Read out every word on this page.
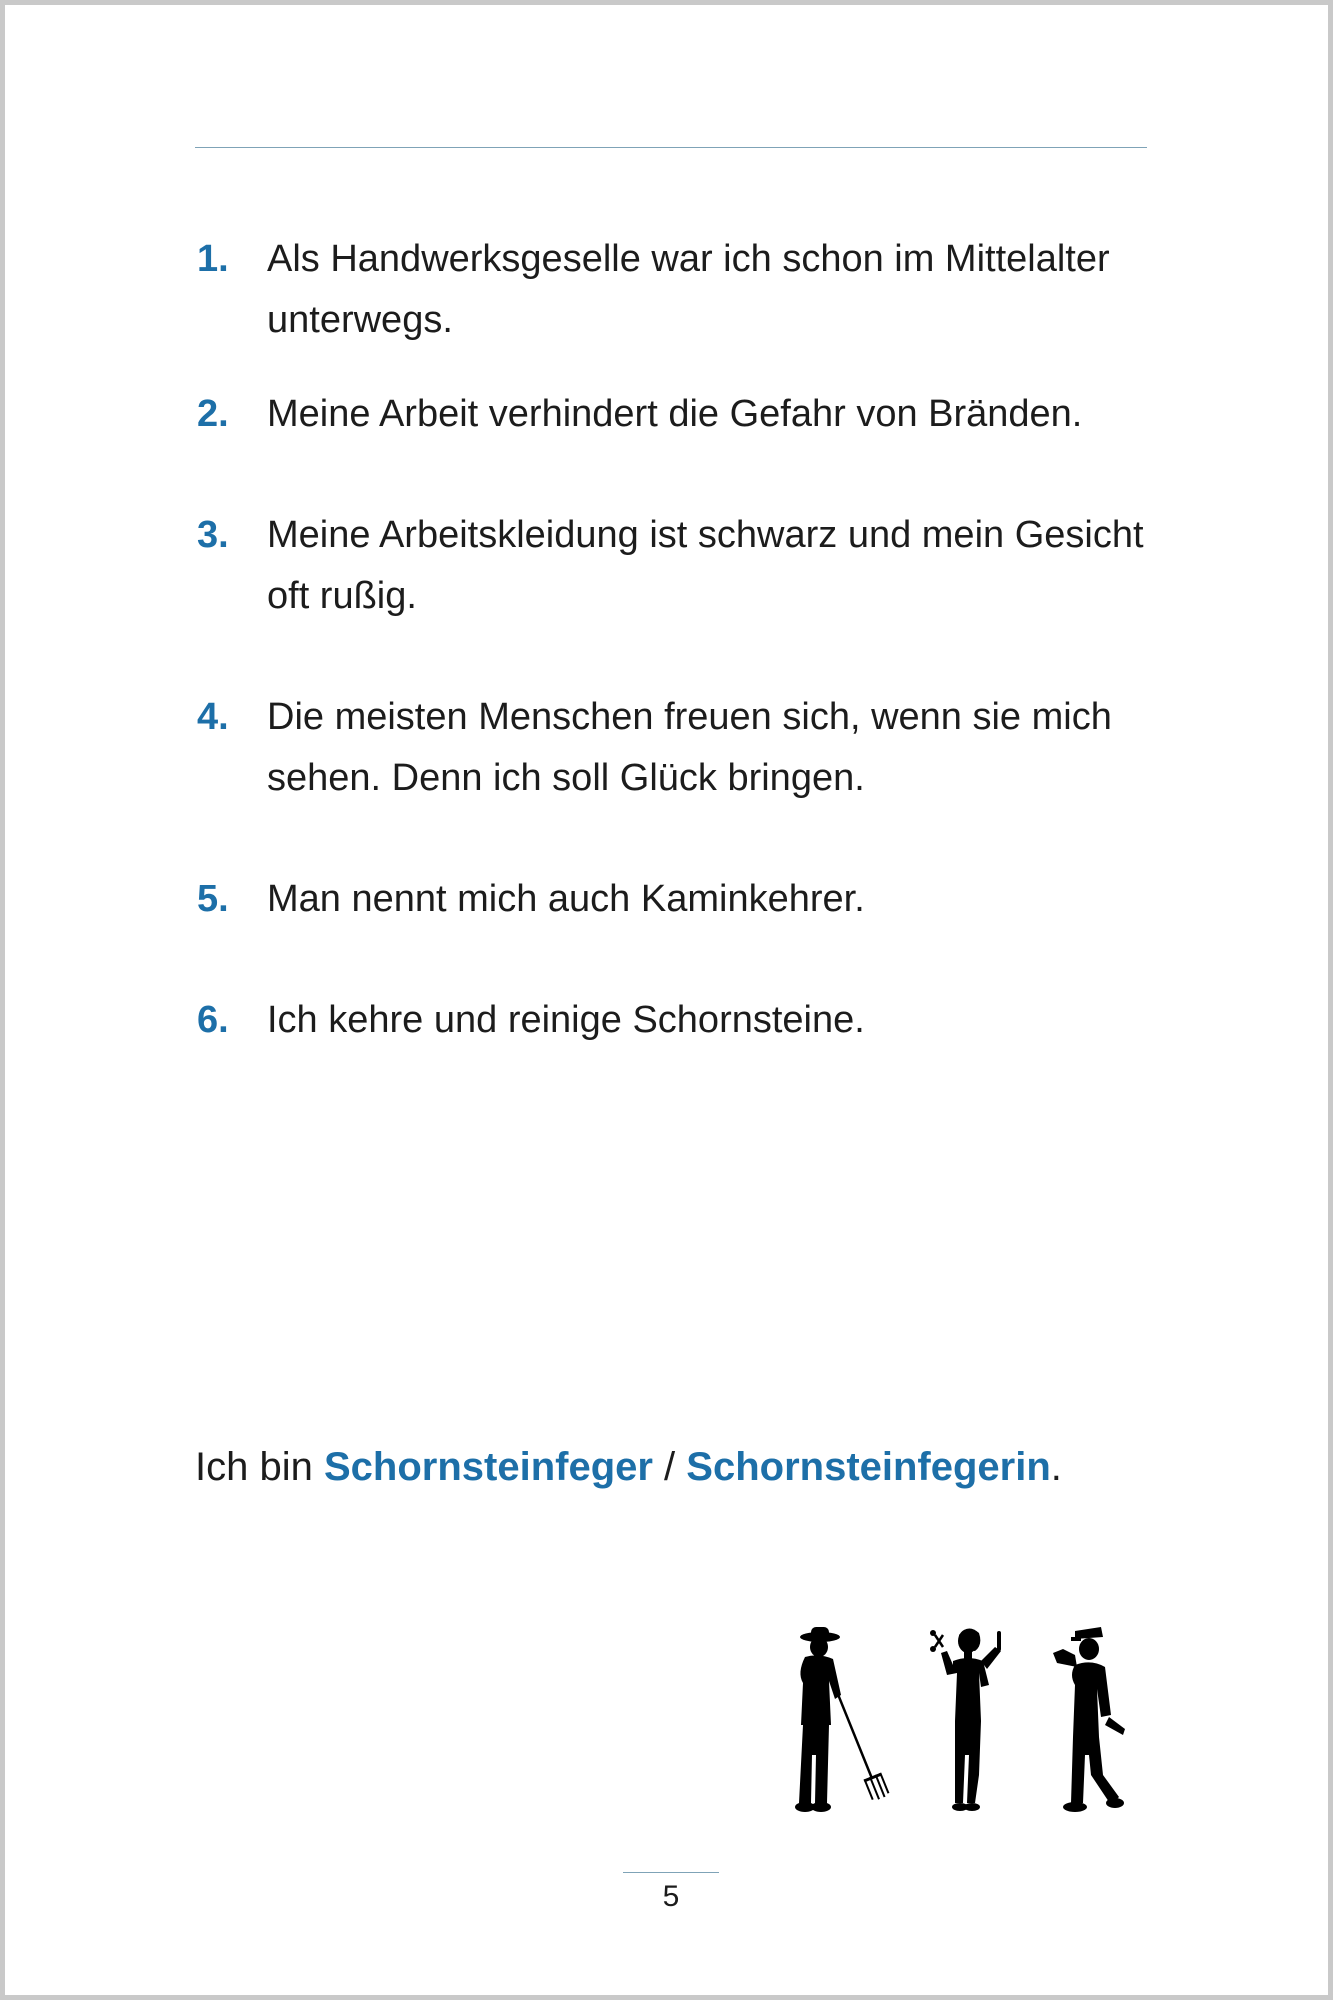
1. Als Handwerksgeselle war ich schon im Mittelalter unterwegs.
2. Meine Arbeit verhindert die Gefahr von Bränden.
3. Meine Arbeitskleidung ist schwarz und mein Gesicht oft rußig.
4. Die meisten Menschen freuen sich, wenn sie mich sehen. Denn ich soll Glück bringen.
5. Man nennt mich auch Kaminkehrer.
6. Ich kehre und reinige Schornsteine.
Ich bin Schornsteinfeger / Schornsteinfegerin.
5
